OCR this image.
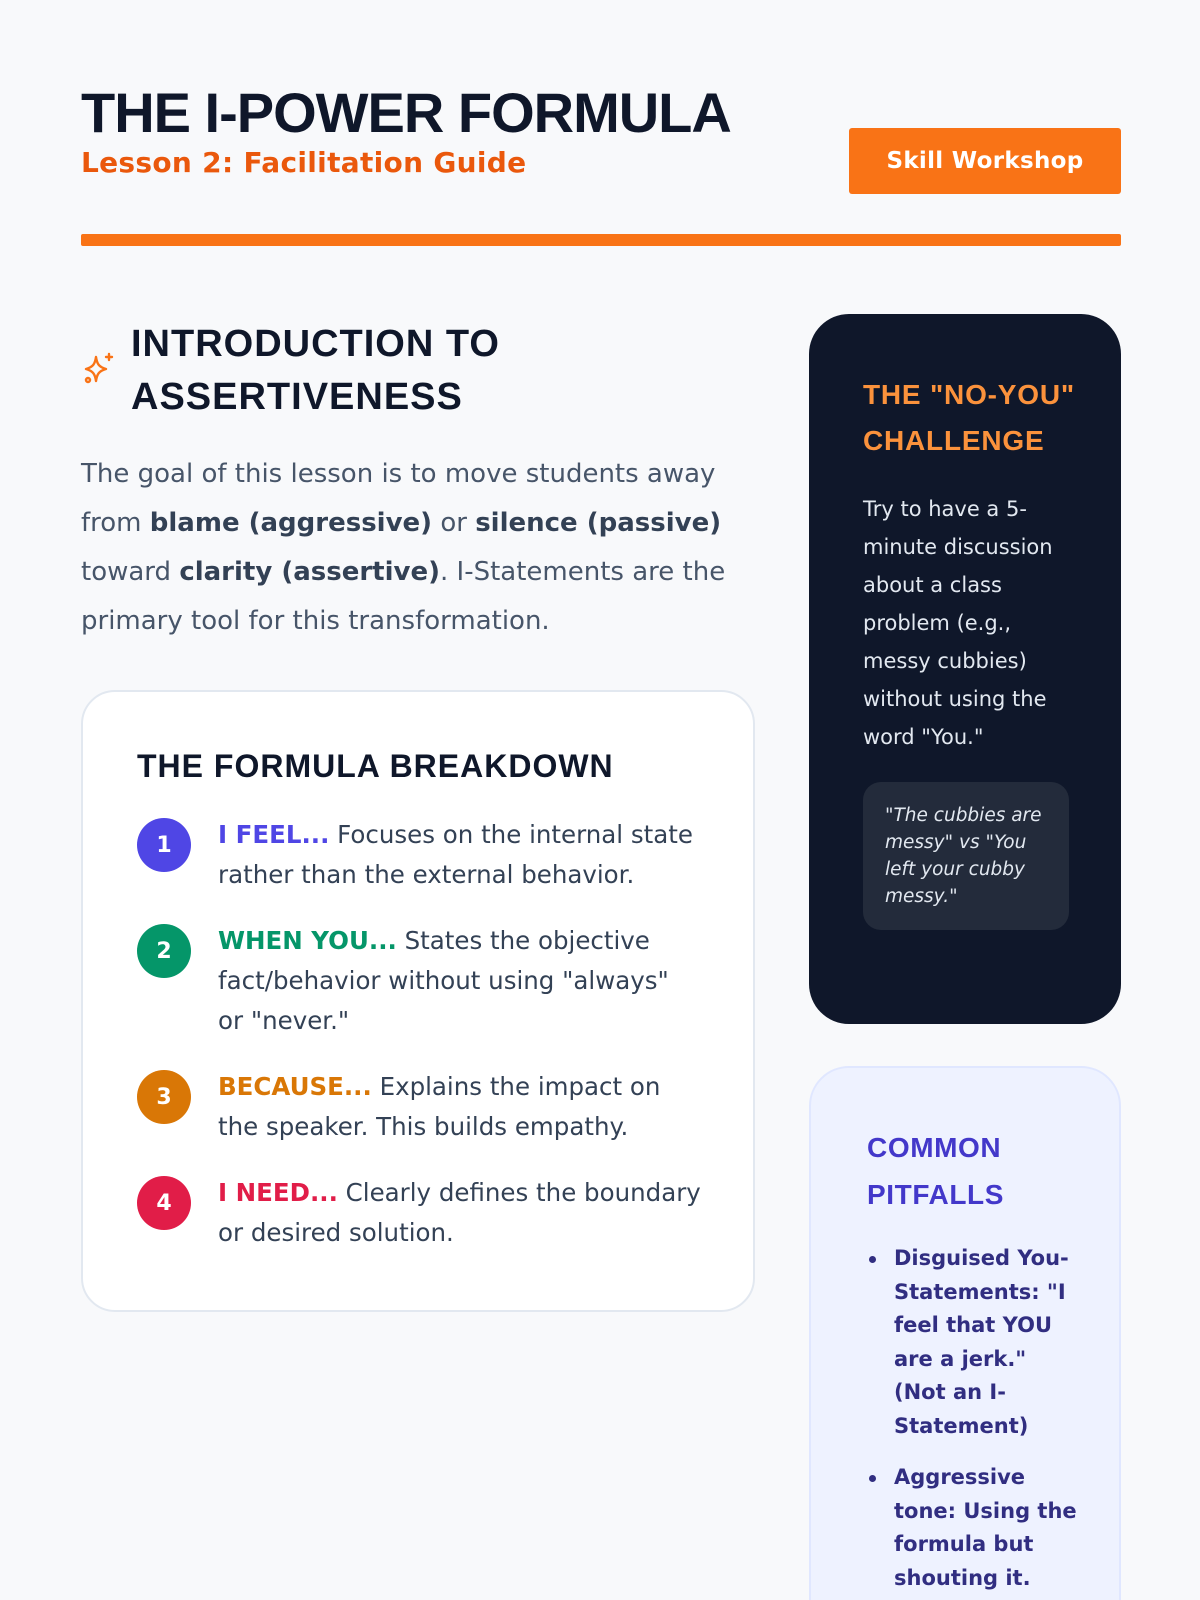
THE I-POWER FORMULA
Lesson 2: Facilitation Guide	Skill Workshop
INTRODUCTION TO ASSERTIVENESS

The goal of this lesson is to move students away from blame (aggressive) or silence (passive) toward clarity (assertive). I-Statements are the primary tool for this transformation.

THE FORMULA BREAKDOWN
1	I FEEL... Focuses on the internal state rather than the external behavior.
2	WHEN YOU... States the objective fact/behavior without using "always" or "never."
3	BECAUSE... Explains the impact on the speaker. This builds empathy.
4	I NEED... Clearly defines the boundary or desired solution.
THE "NO-YOU" CHALLENGE

Try to have a 5-minute discussion about a class problem (e.g., messy cubbies) without using the word "You."

"The cubbies are messy" vs "You left your cubby messy."
COMMON PITFALLS
Disguised You-Statements: "I feel that YOU are a jerk." (Not an I-Statement)
Aggressive tone: Using the formula but shouting it.
